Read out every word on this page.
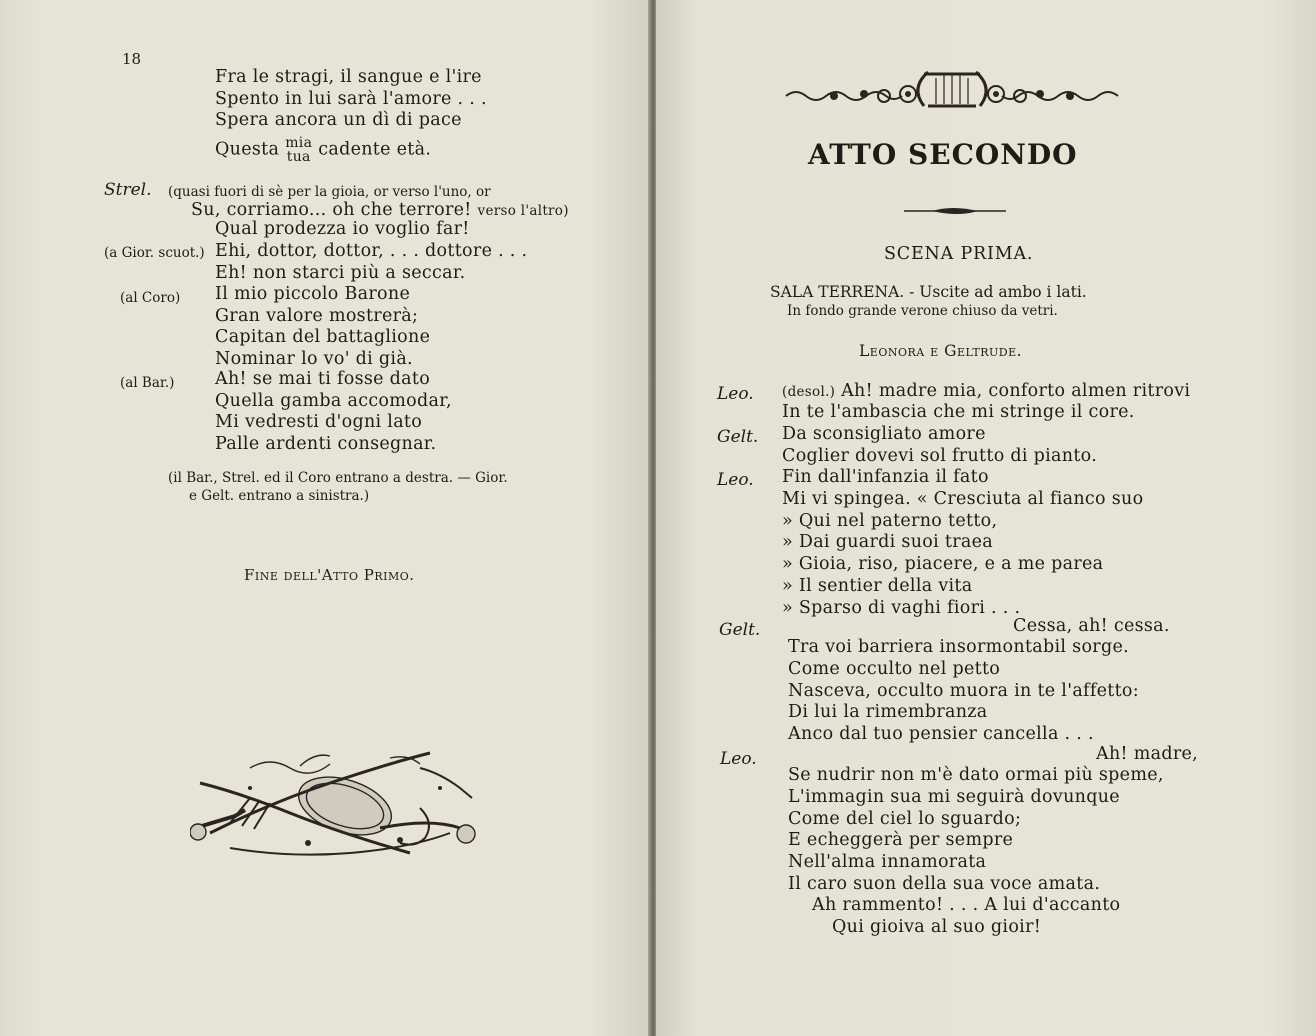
18
Fra le stragi, il sangue e l'ire
Spento in lui sarà l'amore . . .
Spera ancora un dì di pace
Questa mia
tua cadente età.
Strel. (quasi fuori di sè per la gioia, or verso l'uno, or
Su, corriamo... oh che terrore! verso l'altro)
Qual prodezza io voglio far!
(a Gior. scuot.) Ehi, dottor, dottor, . . . dottore . . .
Eh! non starci più a seccar.
(al Coro) Il mio piccolo Barone
Gran valore mostrerà;
Capitan del battaglione
Nominar lo vo' di già.
(al Bar.) Ah! se mai ti fosse dato
Quella gamba accomodar,
Mi vedresti d'ogni lato
Palle ardenti consegnar.
(il Bar., Strel. ed il Coro entrano a destra. — Gior.
e Gelt. entrano a sinistra.)
Fine dell'Atto Primo.
ATTO SECONDO
SCENA PRIMA.
SALA TERRENA. - Uscite ad ambo i lati.
In fondo grande verone chiuso da vetri.
Leonora e Geltrude.
Leo. (desol.) Ah! madre mia, conforto almen ritrovi
In te l'ambascia che mi stringe il core.
Gelt. Da sconsigliato amore
Coglier dovevi sol frutto di pianto.
Leo. Fin dall'infanzia il fato
Mi vi spingea. « Cresciuta al fianco suo
» Qui nel paterno tetto,
» Dai guardi suoi traea
» Gioia, riso, piacere, e a me parea
» Il sentier della vita
» Sparso di vaghi fiori . . .
Gelt.	Cessa, ah! cessa.
Tra voi barriera insormontabil sorge.
Come occulto nel petto
Nasceva, occulto muora in te l'affetto:
Di lui la rimembranza
Anco dal tuo pensier cancella . . .
Leo.	Ah! madre,
Se nudrir non m'è dato ormai più speme,
L'immagin sua mi seguirà dovunque
Come del ciel lo sguardo;
E echeggerà per sempre
Nell'alma innamorata
Il caro suon della sua voce amata.
Ah rammento! . . . A lui d'accanto
Qui gioiva al suo gioir!
